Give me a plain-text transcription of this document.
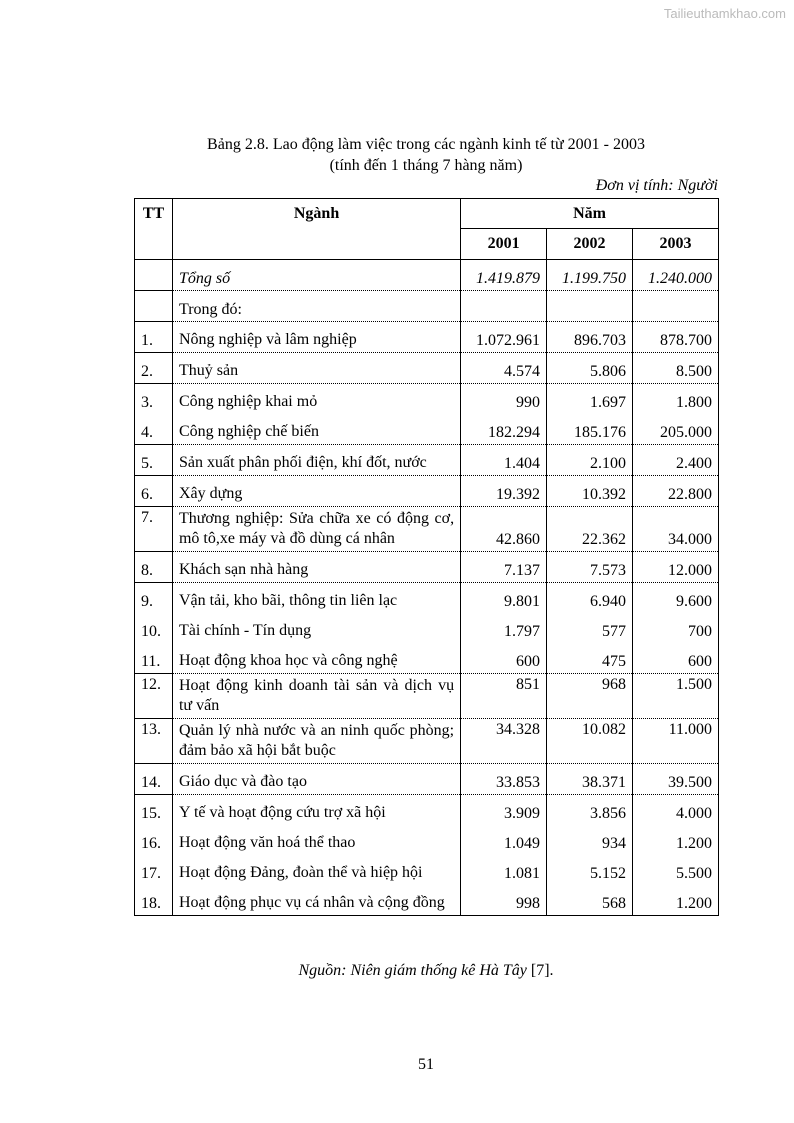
Tailieuthamkhao.com
Bảng 2.8. Lao động làm việc trong các ngành kinh tế từ 2001 - 2003
(tính đến 1 tháng 7 hàng năm)
Đơn vị tính: Người
TT	Ngành	Năm		
		2001	2002	2003
	Tổng số	1.419.879	1.199.750	1.240.000
	Trong đó:			
1.	Nông nghiệp và lâm nghiệp	1.072.961	896.703	878.700
2.	Thuỷ sản	4.574	5.806	8.500
3.	Công nghiệp khai mỏ	990	1.697	1.800
4.	Công nghiệp chế biến	182.294	185.176	205.000
5.	Sản xuất phân phối điện, khí đốt, nước	1.404	2.100	2.400
6.	Xây dựng	19.392	10.392	22.800
7.	Thương nghiệp: Sửa chữa xe có động cơ, mô tô,xe máy và đồ dùng cá nhân	42.860	22.362	34.000
8.	Khách sạn nhà hàng	7.137	7.573	12.000
9.	Vận tải, kho bãi, thông tin liên lạc	9.801	6.940	9.600
10.	Tài chính - Tín dụng	1.797	577	700
11.	Hoạt động khoa học và công nghệ	600	475	600
12.	Hoạt động kinh doanh tài sản và dịch vụ tư vấn	851	968	1.500
13.	Quản lý nhà nước và an ninh quốc phòng; đảm bảo xã hội bắt buộc	34.328	10.082	11.000
14.	Giáo dục và đào tạo	33.853	38.371	39.500
15.	Y tế và hoạt động cứu trợ xã hội	3.909	3.856	4.000
16.	Hoạt động văn hoá thể thao	1.049	934	1.200
17.	Hoạt động Đảng, đoàn thể và hiệp hội	1.081	5.152	5.500
18.	Hoạt động phục vụ cá nhân và cộng đồng	998	568	1.200
Nguồn: Niên giám thống kê Hà Tây [7].
51
